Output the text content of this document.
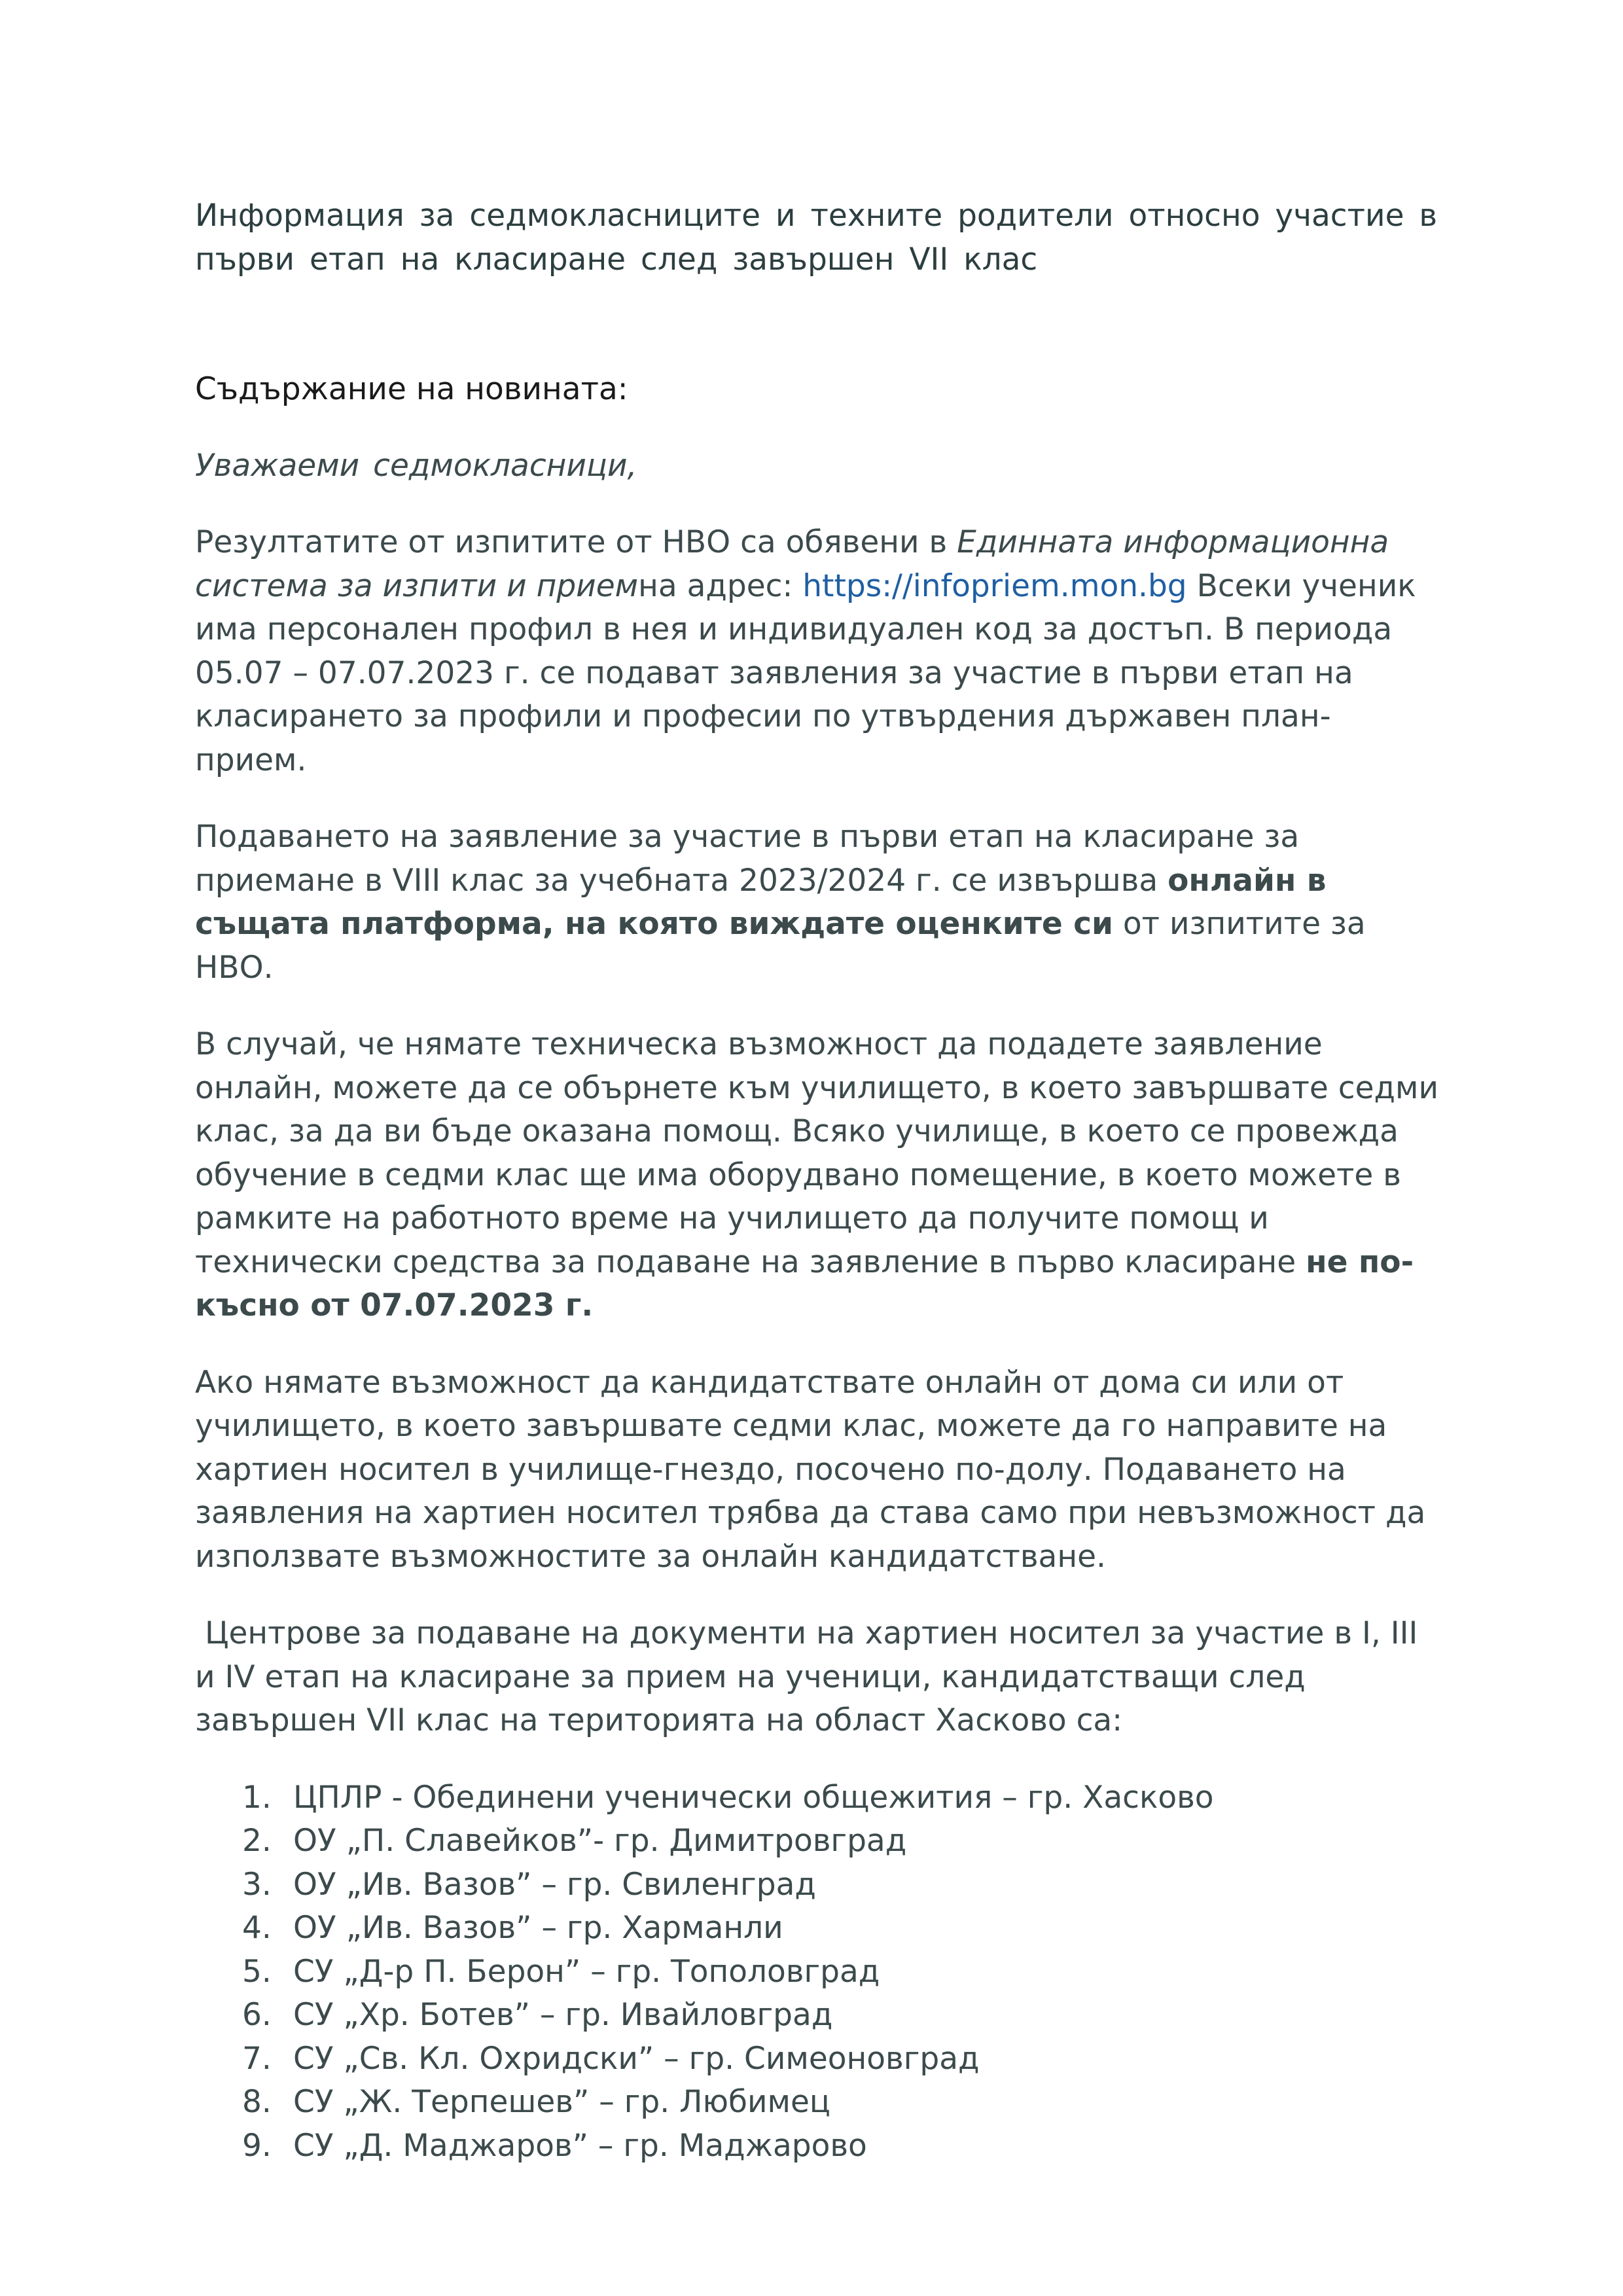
Информация за седмокласниците и техните родители относно участие в първи етап на класиране след завършен VII клас
Съдържание на новината:
Уважаеми седмокласници,

Резултатите от изпитите от НВО са обявени в Единната информационна система за изпити и приемна адрес: https://infopriem.mon.bg Всеки ученик има персонален профил в нея и индивидуален код за достъп. В периода 05.07 – 07.07.2023 г. се подават заявления за участие в първи етап на класирането за профили и професии по утвърдения държавен план-прием.

Подаването на заявление за участие в първи етап на класиране за приемане в VIII клас за учебната 2023/2024 г. се извършва онлайн в същата платформа, на която виждате оценките си от изпитите за НВО.

В случай, че нямате техническа възможност да подадете заявление онлайн, можете да се обърнете към училището, в което завършвате седми клас, за да ви бъде оказана помощ. Всяко училище, в което се провежда обучение в седми клас ще има оборудвано помещение, в което можете в рамките на работното време на училището да получите помощ и технически средства за подаване на заявление в първо класиране не по-късно от 07.07.2023 г.

Ако нямате възможност да кандидатствате онлайн от дома си или от училището, в което завършвате седми клас, можете да го направите на хартиен носител в училище-гнездо, посочено по-долу. Подаването на заявления на хартиен носител трябва да става само при невъзможност да използвате възможностите за онлайн кандидатстване.

Центрове за подаване на документи на хартиен носител за участие в I, III и IV етап на класиране за прием на ученици, кандидатстващи след завършен VII клас на територията на област Хасково са:

1. ЦПЛР - Обединени ученически общежития – гр. Хасково
2. ОУ „П. Славейков”- гр. Димитровград
3. ОУ „Ив. Вазов” – гр. Свиленград
4. ОУ „Ив. Вазов” – гр. Харманли
5. СУ „Д-р П. Берон” – гр. Тополовград
6. СУ „Хр. Ботев” – гр. Ивайловград
7. СУ „Св. Кл. Охридски” – гр. Симеоновград
8. СУ „Ж. Терпешев” – гр. Любимец
9. СУ „Д. Маджаров” – гр. Маджарово
